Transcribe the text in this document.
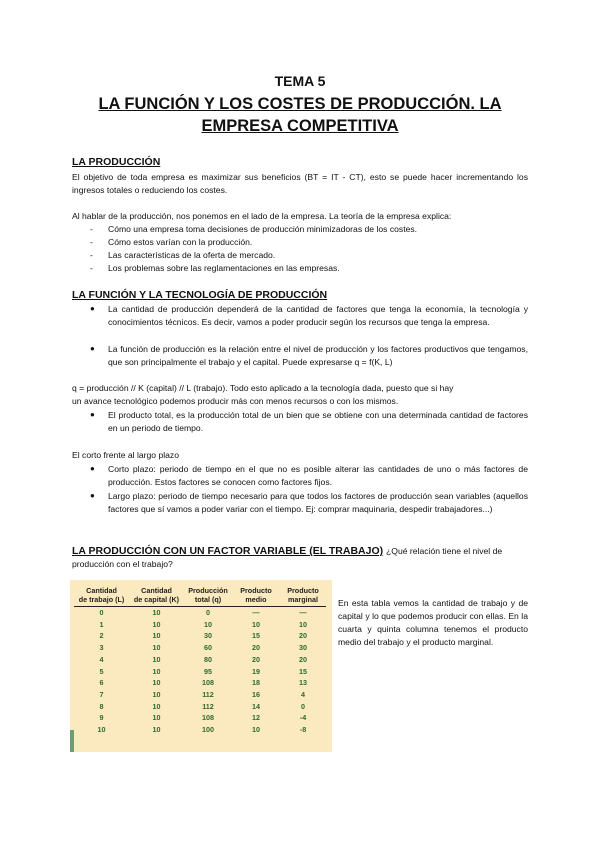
TEMA 5
LA FUNCIÓN Y LOS COSTES DE PRODUCCIÓN. LA EMPRESA COMPETITIVA
LA PRODUCCIÓN
El objetivo de toda empresa es maximizar sus beneficios (BT = IT - CT), esto se puede hacer incrementando los ingresos totales o reduciendo los costes.
Al hablar de la producción, nos ponemos en el lado de la empresa. La teoría de la empresa explica:
- Cómo una empresa toma decisiones de producción minimizadoras de los costes.
- Cómo estos varían con la producción.
- Las características de la oferta de mercado.
- Los problemas sobre las reglamentaciones en las empresas.
LA FUNCIÓN Y LA TECNOLOGÍA DE PRODUCCIÓN
● La cantidad de producción dependerá de la cantidad de factores que tenga la economía, la tecnología y conocimientos técnicos. Es decir, vamos a poder producir según los recursos que tenga la empresa.
● La función de producción es la relación entre el nivel de producción y los factores productivos que tengamos, que son principalmente el trabajo y el capital. Puede expresarse q = f(K, L)
q = producción // K (capital) // L (trabajo). Todo esto aplicado a la tecnología dada, puesto que si hay
un avance tecnológico podemos producir más con menos recursos o con los mismos.
● El producto total, es la producción total de un bien que se obtiene con una determinada cantidad de factores en un periodo de tiempo.
El corto frente al largo plazo
● Corto plazo: periodo de tiempo en el que no es posible alterar las cantidades de uno o más factores de producción. Estos factores se conocen como factores fijos.
● Largo plazo: periodo de tiempo necesario para que todos los factores de producción sean variables (aquellos factores que sí vamos a poder variar con el tiempo. Ej: comprar maquinaria, despedir trabajadores...)
LA PRODUCCIÓN CON UN FACTOR VARIABLE (EL TRABAJO) ¿Qué relación tiene el nivel de
producción con el trabajo?
Cantidad
de trabajo (L)	Cantidad
de capital (K)	Producción
total (q)	Producto
medio	Producto
marginal
0	10	0	—	—
1	10	10	10	10
2	10	30	15	20
3	10	60	20	30
4	10	80	20	20
5	10	95	19	15
6	10	108	18	13
7	10	112	16	4
8	10	112	14	0
9	10	108	12	-4
10	10	100	10	-8
En esta tabla vemos la cantidad de trabajo y de capital y lo que podemos producir con ellas. En la cuarta y quinta columna tenemos el producto medio del trabajo y el producto marginal.
